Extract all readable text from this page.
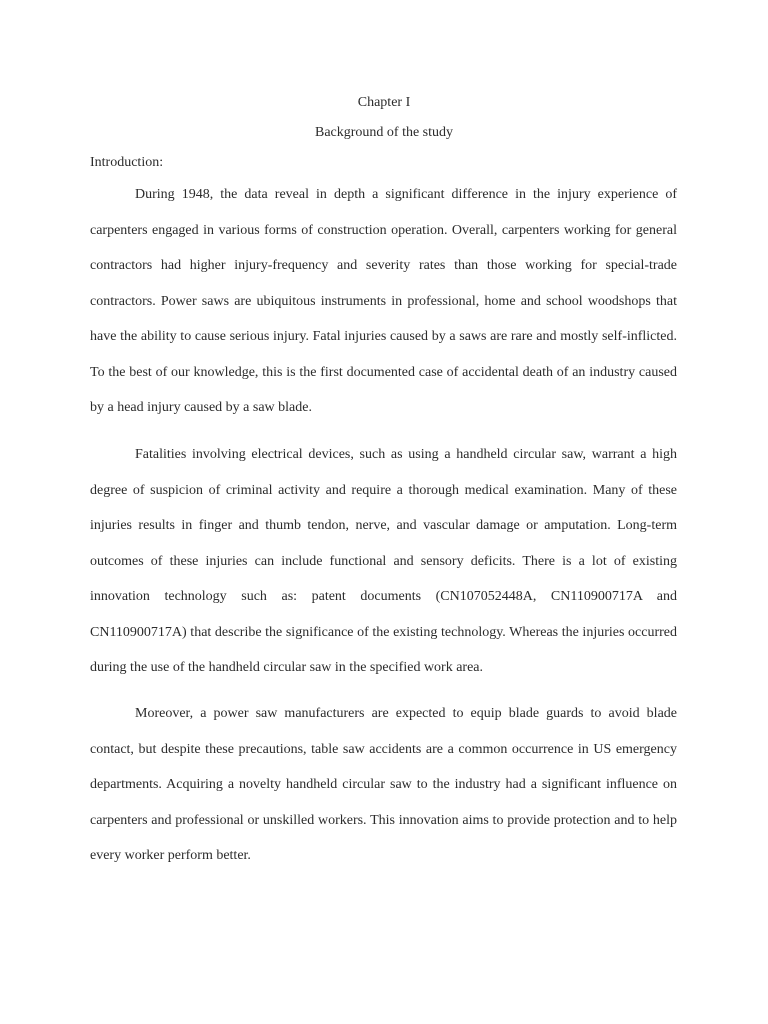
Chapter I
Background of the study
Introduction:

During 1948, the data reveal in depth a significant difference in the injury experience of carpenters engaged in various forms of construction operation. Overall, carpenters working for general contractors had higher injury-frequency and severity rates than those working for special-trade contractors. Power saws are ubiquitous instruments in professional, home and school woodshops that have the ability to cause serious injury. Fatal injuries caused by a saws are rare and mostly self-inflicted. To the best of our knowledge, this is the first documented case of accidental death of an industry caused by a head injury caused by a saw blade.

Fatalities involving electrical devices, such as using a handheld circular saw, warrant a high degree of suspicion of criminal activity and require a thorough medical examination. Many of these injuries results in finger and thumb tendon, nerve, and vascular damage or amputation. Long-term outcomes of these injuries can include functional and sensory deficits. There is a lot of existing innovation technology such as: patent documents (CN107052448A, CN110900717A and CN110900717A) that describe the significance of the existing technology. Whereas the injuries occurred during the use of the handheld circular saw in the specified work area.

Moreover, a power saw manufacturers are expected to equip blade guards to avoid blade contact, but despite these precautions, table saw accidents are a common occurrence in US emergency departments. Acquiring a novelty handheld circular saw to the industry had a significant influence on carpenters and professional or unskilled workers. This innovation aims to provide protection and to help every worker perform better.
